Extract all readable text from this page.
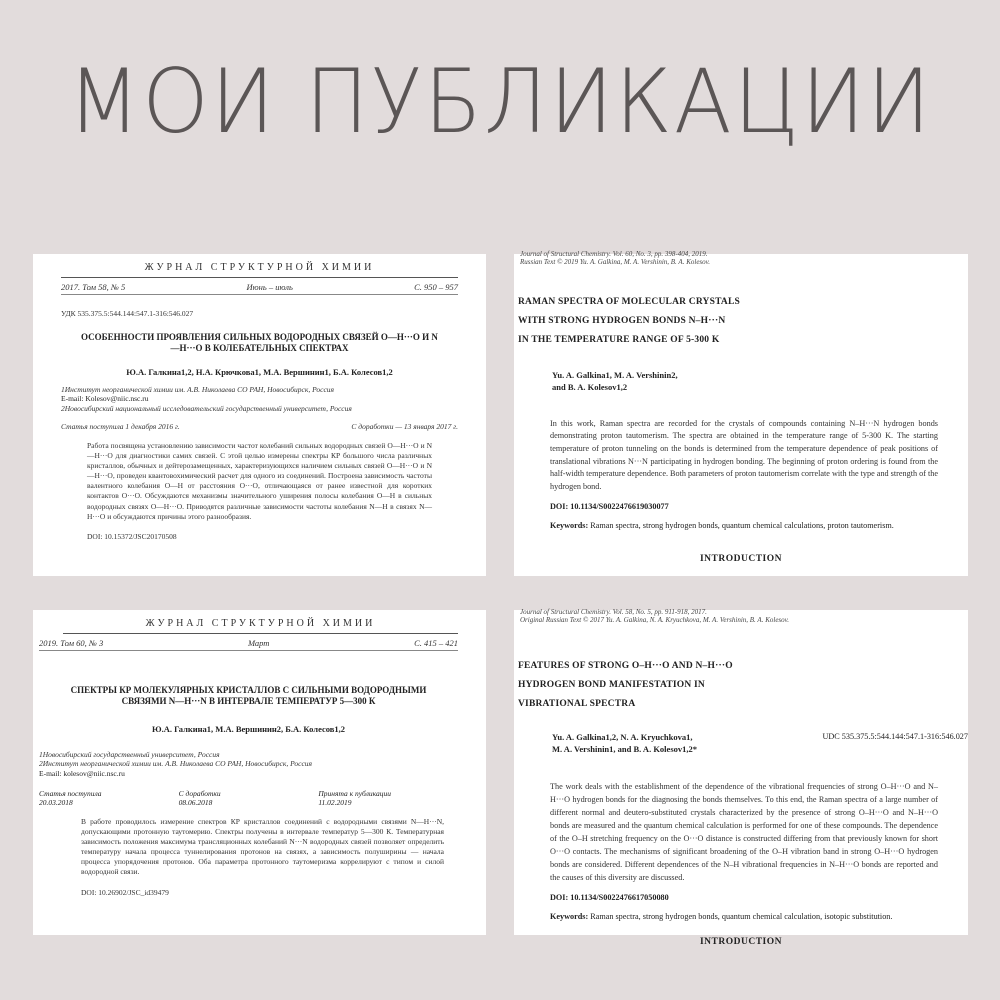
МОИ ПУБЛИКАЦИИ
ЖУРНАЛ СТРУКТУРНОЙ ХИМИИ
2017. Том 58, № 5	Июнь – июль	С. 950 – 957
УДК 535.375.5:544.144:547.1-316:546.027
ОСОБЕННОСТИ ПРОЯВЛЕНИЯ СИЛЬНЫХ ВОДОРОДНЫХ СВЯЗЕЙ O—H···O И N—H···O В КОЛЕБАТЕЛЬНЫХ СПЕКТРАХ
Ю.А. Галкина1,2, Н.А. Крючкова1, М.А. Вершинин1, Б.А. Колесов1,2
1Институт неорганической химии им. А.В. Николаева СО РАН, Новосибирск, Россия
E-mail: Kolesov@niic.nsc.ru
2Новосибирский национальный исследовательский государственный университет, Россия
Статья поступила 1 декабря 2016 г.	С доработки — 13 января 2017 г.
Работа посвящена установлению зависимости частот колебаний сильных водородных связей O—H···O и N—H···O для диагностики самих связей. С этой целью измерены спектры КР большого числа различных кристаллов, обычных и дейтерозамещенных, характеризующихся наличием сильных связей O—H···O и N—H···O, проведен квантовохимический расчет для одного из соединений. Построена зависимость частоты валентного колебания O—H от расстояния O···O, отличающаяся от ранее известной для коротких контактов O···O. Обсуждаются механизмы значительного уширения полосы колебания O—H в сильных водородных связях O—H···O. Приводятся различные зависимости частоты колебания N—H в связях N—H···O и обсуждаются причины этого разнообразия.
DOI: 10.15372/JSC20170508
Journal of Structural Chemistry. Vol. 60, No. 3, pp. 398-404, 2019.
Russian Text © 2019 Yu. A. Galkina, M. A. Vershinin, B. A. Kolesov.
RAMAN SPECTRA OF MOLECULAR CRYSTALS
WITH STRONG HYDROGEN BONDS N–H···N
IN THE TEMPERATURE RANGE OF 5-300 K
Yu. A. Galkina1, M. A. Vershinin2,
and B. A. Kolesov1,2
In this work, Raman spectra are recorded for the crystals of compounds containing N–H···N hydrogen bonds demonstrating proton tautomerism. The spectra are obtained in the temperature range of 5-300 K. The starting temperature of proton tunneling on the bonds is determined from the temperature dependence of peak positions of translational vibrations N···N participating in hydrogen bonding. The beginning of proton ordering is found from the half-width temperature dependence. Both parameters of proton tautomerism correlate with the type and strength of the hydrogen bond.
DOI: 10.1134/S0022476619030077
Keywords: Raman spectra, strong hydrogen bonds, quantum chemical calculations, proton tautomerism.
INTRODUCTION
ЖУРНАЛ СТРУКТУРНОЙ ХИМИИ
2019. Том 60, № 3	Март	С. 415 – 421
СПЕКТРЫ КР МОЛЕКУЛЯРНЫХ КРИСТАЛЛОВ С СИЛЬНЫМИ ВОДОРОДНЫМИ СВЯЗЯМИ N—H···N В ИНТЕРВАЛЕ ТЕМПЕРАТУР 5—300 К
Ю.А. Галкина1, М.А. Вершинин2, Б.А. Колесов1,2
1Новосибирский государственный университет, Россия
2Институт неорганической химии им. А.В. Николаева СО РАН, Новосибирск, Россия
E-mail: kolesov@niic.nsc.ru
Статья поступила	С доработки	Принята к публикации
20.03.2018	08.06.2018	11.02.2019
В работе проводилось измерение спектров КР кристаллов соединений с водородными связями N—H···N, допускающими протонную таутомерию. Спектры получены в интервале температур 5—300 К. Температурная зависимость положения максимума трансляционных колебаний N···N водородных связей позволяет определить температуру начала процесса туннелирования протонов на связях, а зависимость полуширины — начала процесса упорядочения протонов. Оба параметра протонного таутомеризма коррелируют с типом и силой водородной связи.
DOI: 10.26902/JSC_id39479
Journal of Structural Chemistry. Vol. 58, No. 5, pp. 911-918, 2017.
Original Russian Text © 2017 Yu. A. Galkina, N. A. Kryuchkova, M. A. Vershinin, B. A. Kolesov.
FEATURES OF STRONG O–H···O AND N–H···O
HYDROGEN BOND MANIFESTATION IN
VIBRATIONAL SPECTRA
Yu. A. Galkina1,2, N. A. Kryuchkova1,
M. A. Vershinin1, and B. A. Kolesov1,2*
UDC 535.375.5:544.144:547.1-316:546.027
The work deals with the establishment of the dependence of the vibrational frequencies of strong O–H···O and N–H···O hydrogen bonds for the diagnosing the bonds themselves. To this end, the Raman spectra of a large number of different normal and deutero-substituted crystals characterized by the presence of strong O–H···O and N–H···O bonds are measured and the quantum chemical calculation is performed for one of these compounds. The dependence of the O–H stretching frequency on the O···O distance is constructed differing from that previously known for short O···O contacts. The mechanisms of significant broadening of the O–H vibration band in strong O–H···O hydrogen bonds are considered. Different dependences of the N–H vibrational frequencies in N–H···O bonds are reported and the causes of this diversity are discussed.
DOI: 10.1134/S0022476617050080
Keywords: Raman spectra, strong hydrogen bonds, quantum chemical calculation, isotopic substitution.
INTRODUCTION
